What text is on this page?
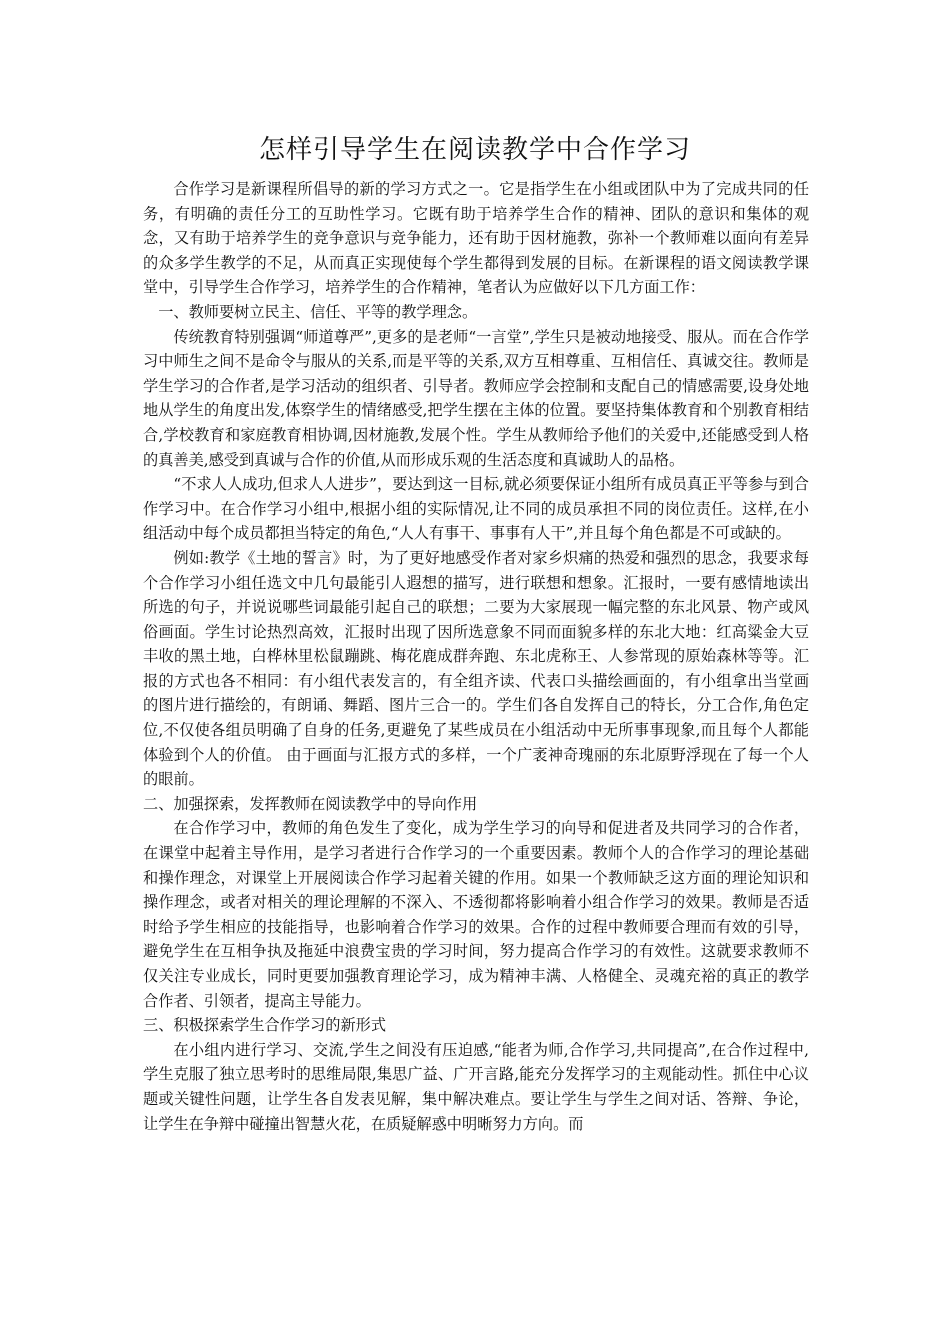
怎样引导学生在阅读教学中合作学习

合作学习是新课程所倡导的新的学习方式之一。它是指学生在小组或团队中为了完成共同的任务，有明确的责任分工的互助性学习。它既有助于培养学生合作的精神、团队的意识和集体的观念，又有助于培养学生的竞争意识与竞争能力，还有助于因材施教，弥补一个教师难以面向有差异的众多学生教学的不足，从而真正实现使每个学生都得到发展的目标。在新课程的语文阅读教学课堂中，引导学生合作学习，培养学生的合作精神，笔者认为应做好以下几方面工作：

一、教师要树立民主、信任、平等的教学理念。

传统教育特别强调“师道尊严”,更多的是老师“一言堂”,学生只是被动地接受、服从。而在合作学习中师生之间不是命令与服从的关系,而是平等的关系,双方互相尊重、互相信任、真诚交往。教师是学生学习的合作者,是学习活动的组织者、引导者。教师应学会控制和支配自己的情感需要,设身处地地从学生的角度出发,体察学生的情绪感受,把学生摆在主体的位置。要坚持集体教育和个别教育相结合,学校教育和家庭教育相协调,因材施教,发展个性。学生从教师给予他们的关爱中,还能感受到人格的真善美,感受到真诚与合作的价值,从而形成乐观的生活态度和真诚助人的品格。

“不求人人成功,但求人人进步”，要达到这一目标,就必须要保证小组所有成员真正平等参与到合作学习中。在合作学习小组中,根据小组的实际情况,让不同的成员承担不同的岗位责任。这样,在小组活动中每个成员都担当特定的角色,“人人有事干、事事有人干”,并且每个角色都是不可或缺的。

例如:教学《土地的誓言》时，为了更好地感受作者对家乡炽痛的热爱和强烈的思念，我要求每个合作学习小组任选文中几句最能引人遐想的描写，进行联想和想象。汇报时，一要有感情地读出所选的句子，并说说哪些词最能引起自己的联想；二要为大家展现一幅完整的东北风景、物产或风俗画面。学生讨论热烈高效，汇报时出现了因所选意象不同而面貌多样的东北大地：红高粱金大豆丰收的黑土地，白桦林里松鼠蹦跳、梅花鹿成群奔跑、东北虎称王、人参常现的原始森林等等。汇报的方式也各不相同：有小组代表发言的，有全组齐读、代表口头描绘画面的，有小组拿出当堂画的图片进行描绘的，有朗诵、舞蹈、图片三合一的。学生们各自发挥自己的特长，分工合作,角色定位,不仅使各组员明确了自身的任务,更避免了某些成员在小组活动中无所事事现象,而且每个人都能体验到个人的价值。 由于画面与汇报方式的多样，一个广袤神奇瑰丽的东北原野浮现在了每一个人的眼前。

二、加强探索，发挥教师在阅读教学中的导向作用

在合作学习中，教师的角色发生了变化，成为学生学习的向导和促进者及共同学习的合作者，在课堂中起着主导作用，是学习者进行合作学习的一个重要因素。教师个人的合作学习的理论基础和操作理念，对课堂上开展阅读合作学习起着关键的作用。如果一个教师缺乏这方面的理论知识和操作理念，或者对相关的理论理解的不深入、不透彻都将影响着小组合作学习的效果。教师是否适时给予学生相应的技能指导，也影响着合作学习的效果。合作的过程中教师要合理而有效的引导，避免学生在互相争执及拖延中浪费宝贵的学习时间，努力提高合作学习的有效性。这就要求教师不仅关注专业成长，同时更要加强教育理论学习，成为精神丰满、人格健全、灵魂充裕的真正的教学合作者、引领者，提高主导能力。

三、积极探索学生合作学习的新形式

在小组内进行学习、交流,学生之间没有压迫感,“能者为师,合作学习,共同提高”,在合作过程中,学生克服了独立思考时的思维局限,集思广益、广开言路,能充分发挥学习的主观能动性。抓住中心议题或关键性问题，让学生各自发表见解，集中解决难点。要让学生与学生之间对话、答辩、争论，让学生在争辩中碰撞出智慧火花，在质疑解惑中明晰努力方向。而
